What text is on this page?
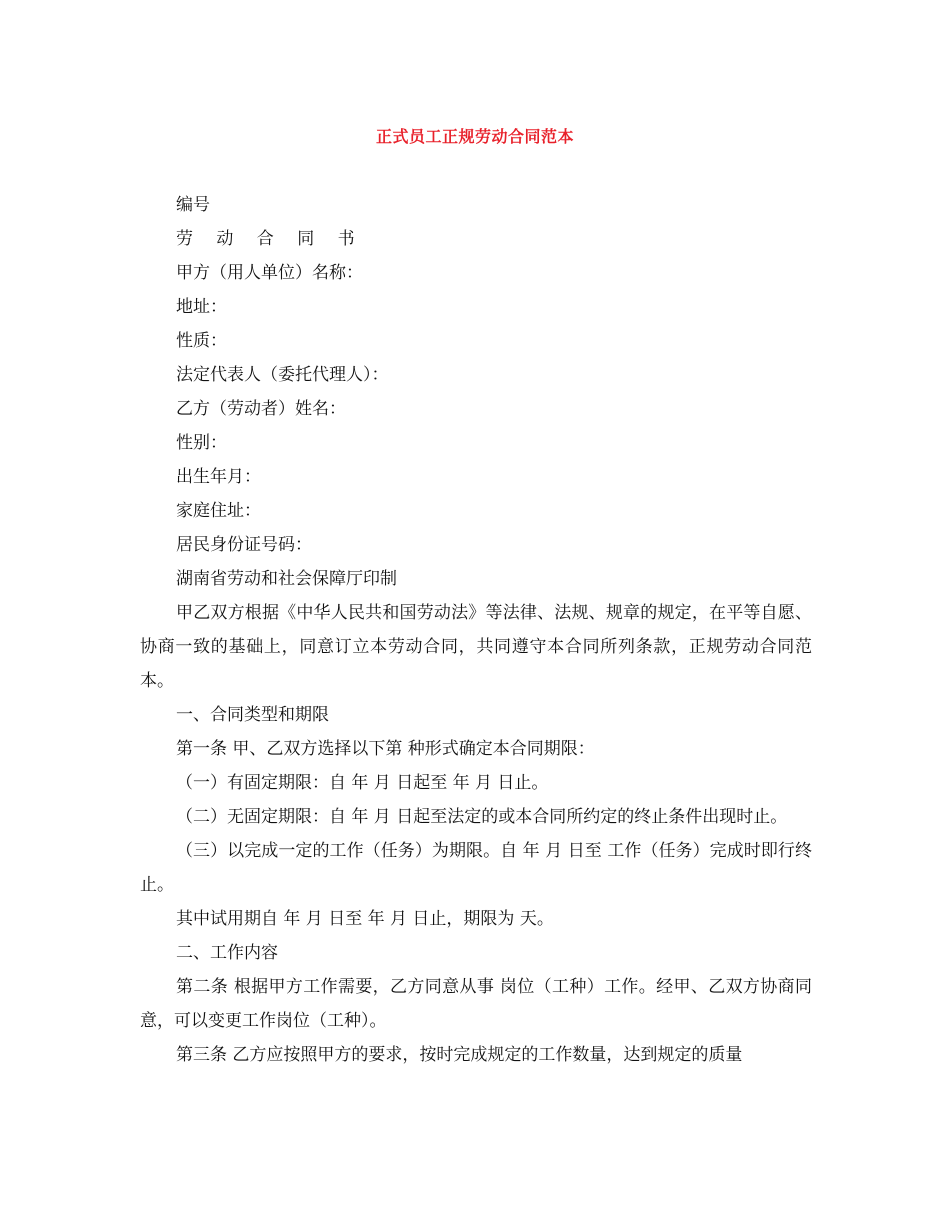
正式员工正规劳动合同范本

编号

劳 动 合 同 书

甲方（用人单位）名称：

地址：

性质：

法定代表人（委托代理人）：

乙方（劳动者）姓名：

性别：

出生年月：

家庭住址：

居民身份证号码：

湖南省劳动和社会保障厅印制

甲乙双方根据《中华人民共和国劳动法》等法律、法规、规章的规定，在平等自愿、协商一致的基础上，同意订立本劳动合同，共同遵守本合同所列条款，正规劳动合同范本。

一、合同类型和期限

第一条 甲、乙双方选择以下第 种形式确定本合同期限：

（一）有固定期限：自 年 月 日起至 年 月 日止。

（二）无固定期限：自 年 月 日起至法定的或本合同所约定的终止条件出现时止。

（三）以完成一定的工作（任务）为期限。自 年 月 日至 工作（任务）完成时即行终止。

其中试用期自 年 月 日至 年 月 日止，期限为 天。

二、工作内容

第二条 根据甲方工作需要，乙方同意从事 岗位（工种）工作。经甲、乙双方协商同意，可以变更工作岗位（工种）。

第三条 乙方应按照甲方的要求，按时完成规定的工作数量，达到规定的质量
